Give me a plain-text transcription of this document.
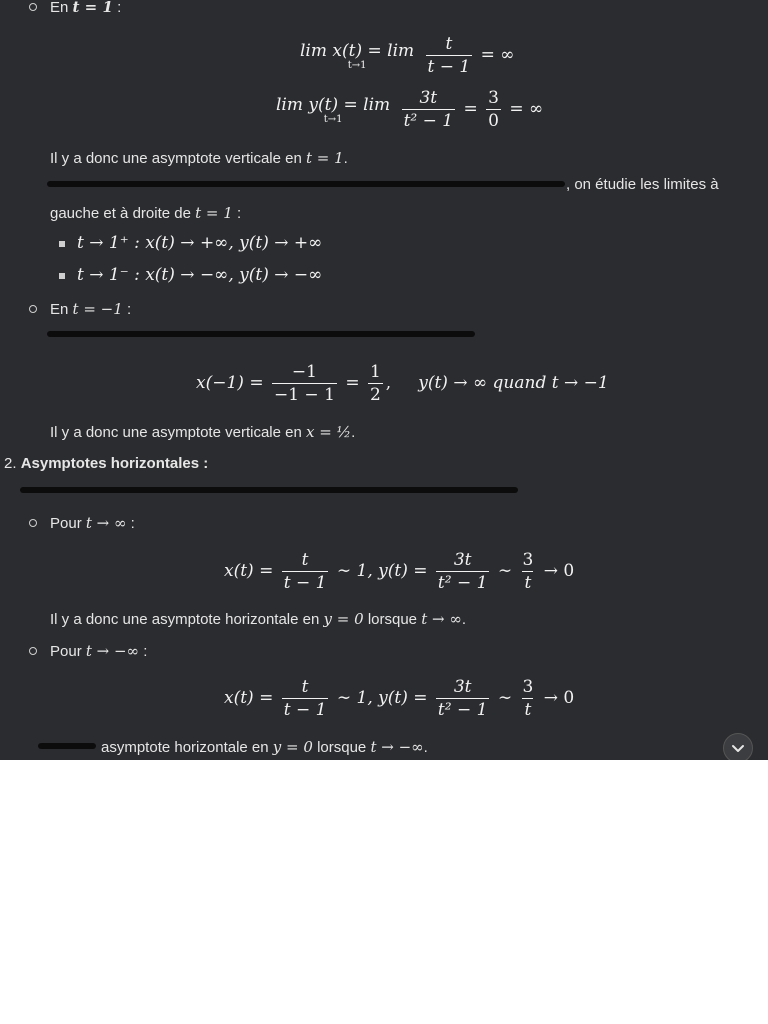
En t = 1 :
lim x(t) = lim
t→1
	$\frac{t}{t - 1}$ = ∞
lim y(t) = lim
t→1
	$\frac{3t}{\text{t² − 1}} = \frac{3}{0}$ = ∞
Il y a donc une asymptote verticale en t = 1.
, on étudie les limites à
gauche et à droite de t = 1 :
t → 1⁺ : x(t) → +∞, y(t) → +∞
t → 1⁻ : x(t) → −∞, y(t) → −∞
En t = −1 :
$x(-1) = \frac{-1}{-1 - 1} = \frac{1}{2}$ ,     y(t) → ∞ quand t → −1
Il y a donc une asymptote verticale en x = ½.
2. Asymptotes horizontales :
Pour t → ∞ :
$x(t) = \frac{t}{t - 1}$ ∼ 1, $y(t) = \frac{3t}{\text{t² − 1}}$ ∼ $\frac{3}{t} \to 0$
Il y a donc une asymptote horizontale en y = 0 lorsque t → ∞.
Pour t → −∞ :
$x(t) = \frac{t}{t - 1}$ ∼ 1, $y(t) = \frac{3t}{\text{t² − 1}}$ ∼ $\frac{3}{t} \to 0$
asymptote horizontale en y = 0 lorsque t → −∞.
